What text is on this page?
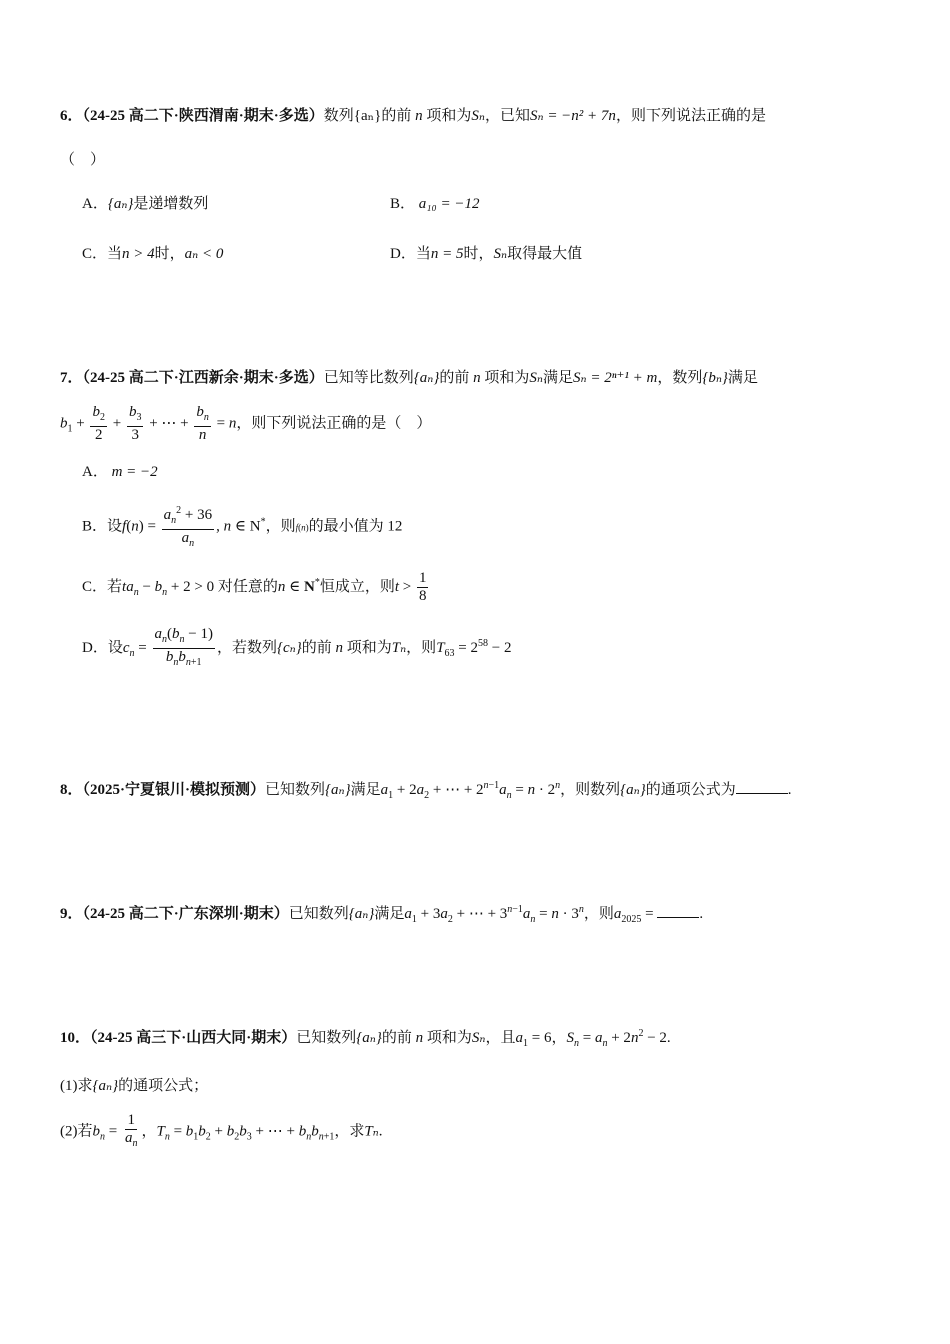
6．（24-25 高二下·陕西渭南·期末·多选）数列{aₙ}的前 n 项和为Sₙ，已知Sₙ = −n² + 7n，则下列说法正确的是
（　）
A．{aₙ}是递增数列	B． a₁₀ = −12
C．当n > 4时，aₙ < 0	D．当n = 5时，Sₙ取得最大值
7．（24-25 高二下·江西新余·期末·多选）已知等比数列{aₙ}的前 n 项和为Sₙ满足Sₙ = 2ⁿ⁺¹ + m，数列{bₙ}满足
$b_1 + \frac{b_2}{2} + \frac{b_3}{3}$ + ⋯ + $\frac{b_n}{n} = n$，则下列说法正确的是（　）
A． m = −2
B．设$f(n) = \frac{a_n^2 + 36}{a_n}$ , n ∈ N*，则f(n)的最小值为 12
C．若$ta_n - b_n + 2 > 0$ 对任意的n ∈ N*恒成立，则$t > \frac{1}{8}$
D．设$c_n = \frac{a_n(b_n - 1)}{b_nb_{n+1}}$ ，若数列{cₙ}的前 n 项和为Tₙ，则$T_{63} = 2^{58} - 2$
8．（2025·宁夏银川·模拟预测）已知数列{aₙ}满足$a_1 + 2a_2$ + ⋯ + $2^{n-1}a_n = n \cdot 2^n$，则数列{aₙ}的通项公式为	.
9．（24-25 高二下·广东深圳·期末）已知数列{aₙ}满足$a_1 + 3a_2$ + ⋯ + $3^{n-1}a_n = n \cdot 3^n$，则$a_{2025}$ =	.
10．（24-25 高三下·山西大同·期末）已知数列{aₙ}的前 n 项和为Sₙ，且$a_1 = 6$，$S_n = a_n + 2n^2 - 2$.
(1)求{aₙ}的通项公式；
(2)若$b_n = \frac{1}{a_n}$ ，$T_n = b_1b_2 + b_2b_3$ + ⋯ + $b_nb_{n+1}$，求Tₙ.
